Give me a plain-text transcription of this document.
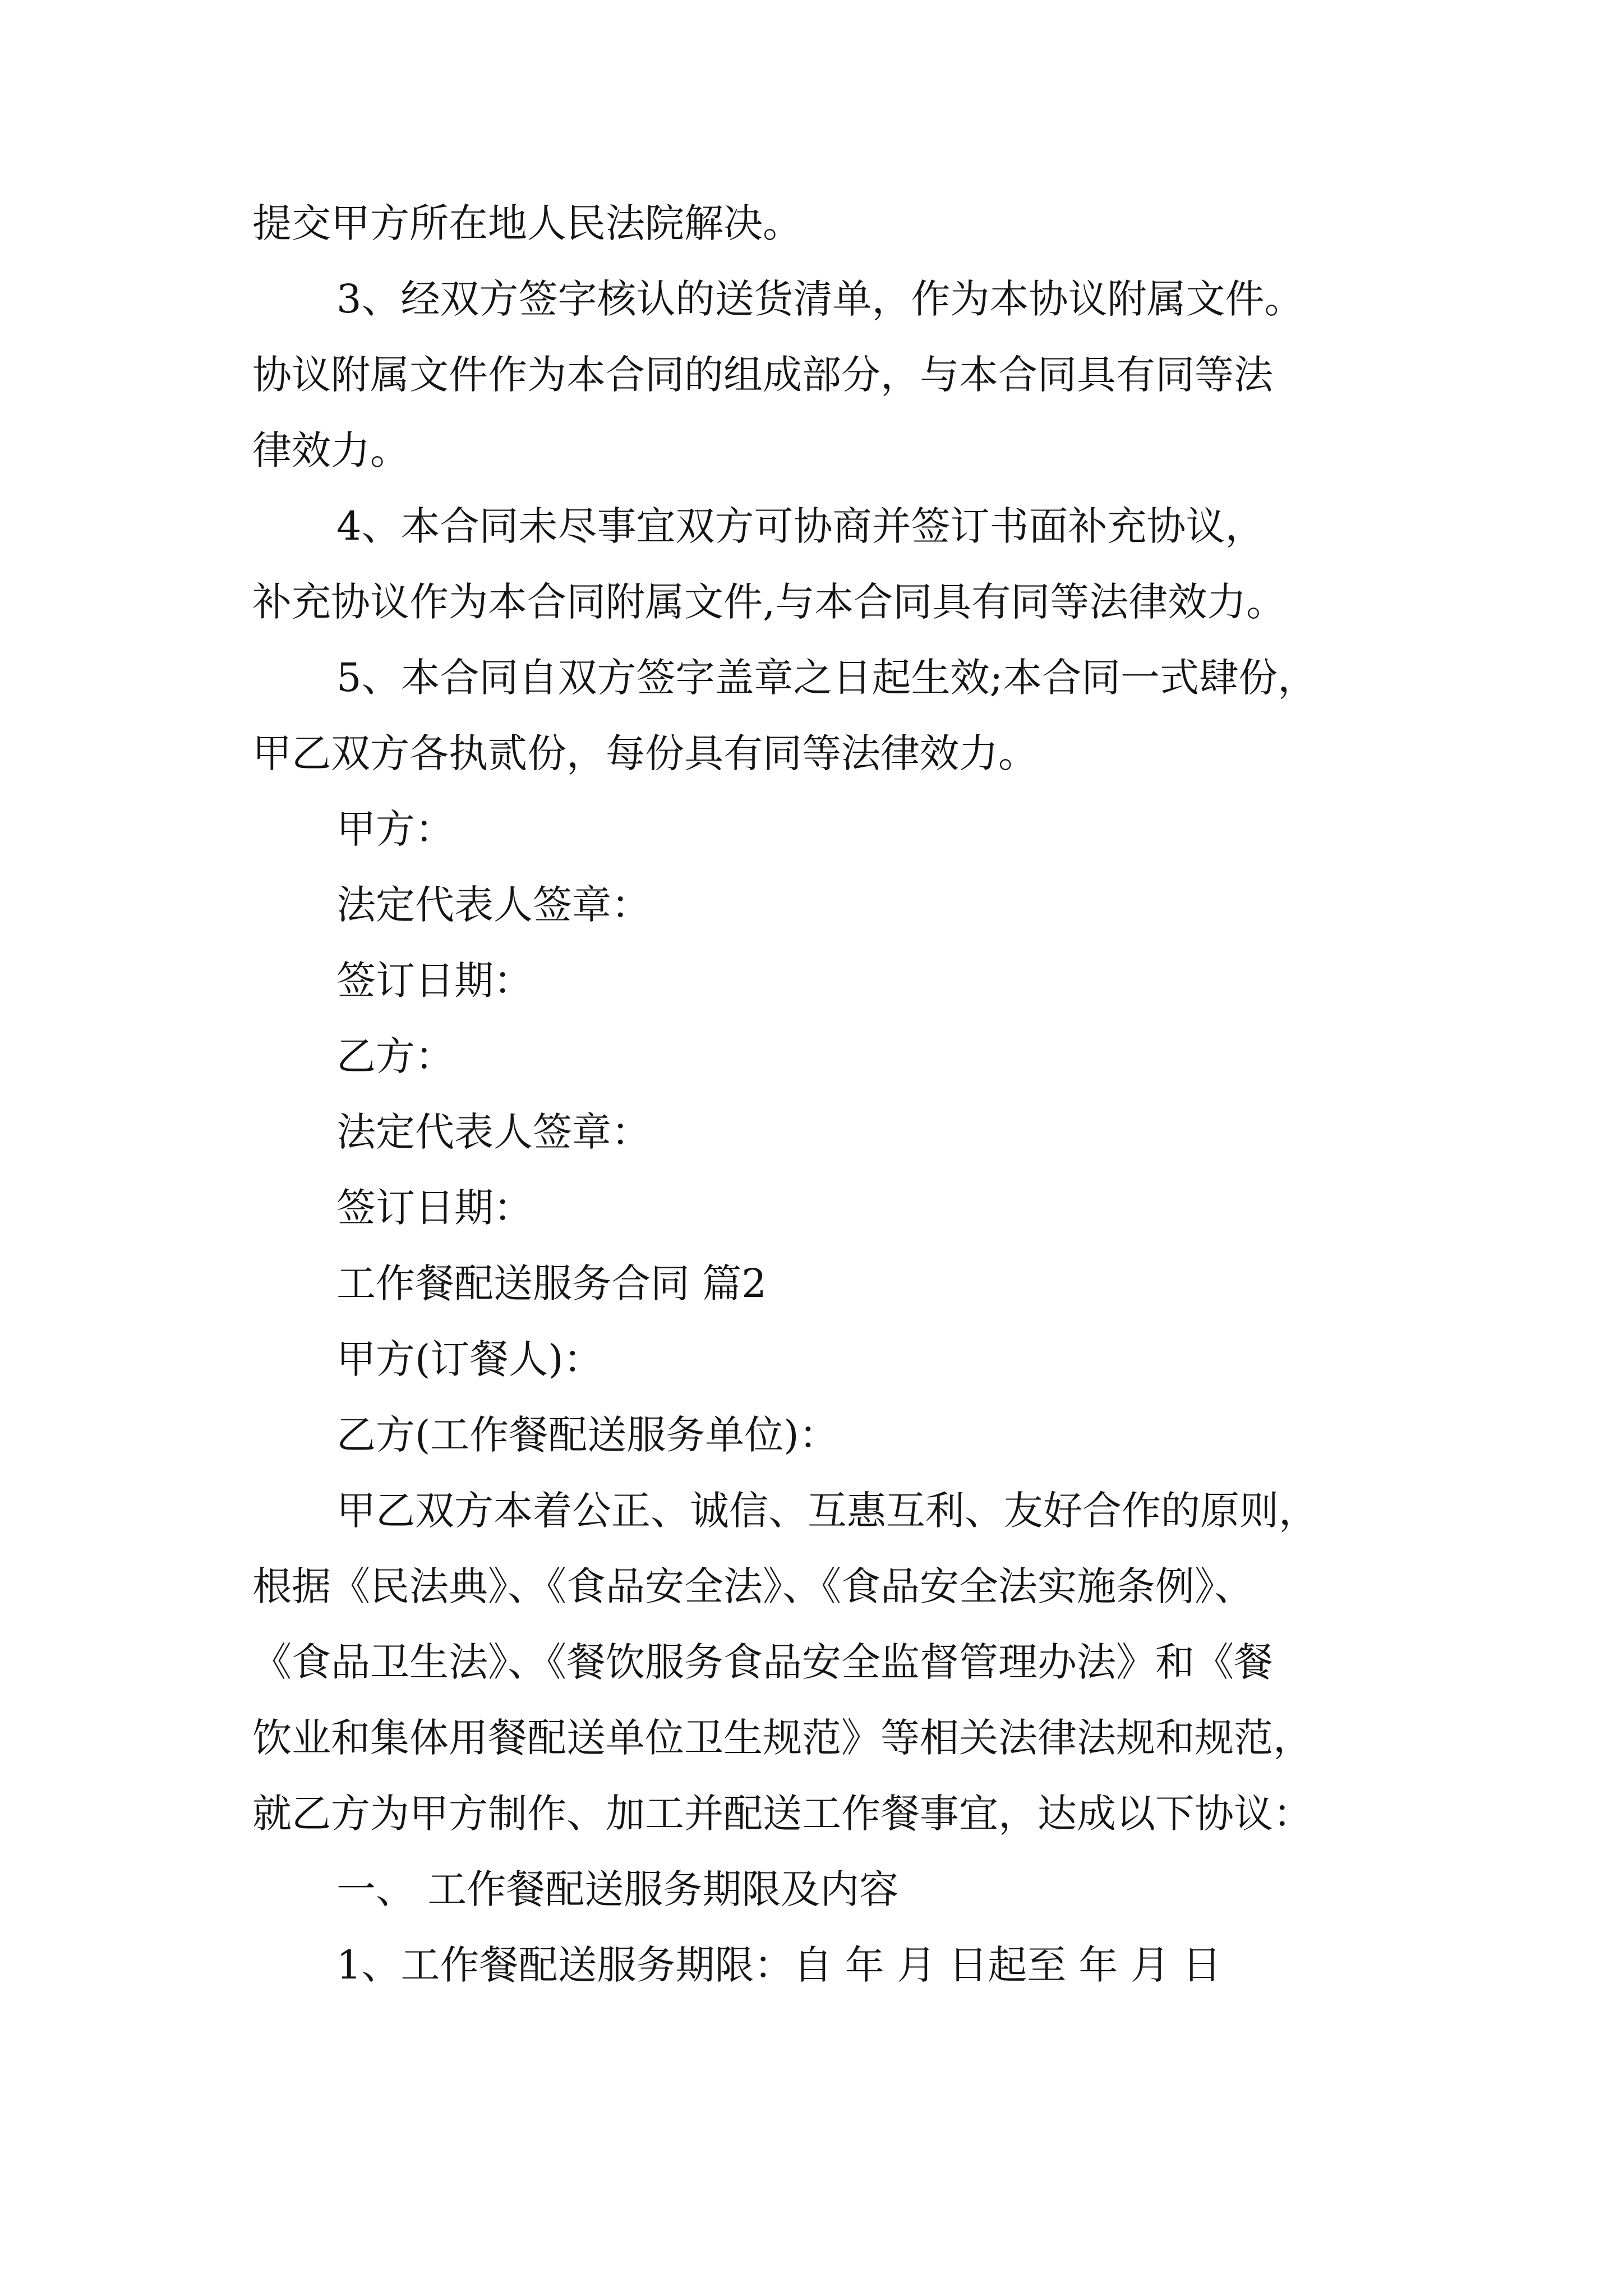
提交甲方所在地人民法院解决。
3、经双方签字核认的送货清单，作为本协议附属文件。
协议附属文件作为本合同的组成部分，与本合同具有同等法
律效力。
4、本合同未尽事宜双方可协商并签订书面补充协议，
补充协议作为本合同附属文件,与本合同具有同等法律效力。
5、本合同自双方签字盖章之日起生效;本合同一式肆份，
甲乙双方各执贰份，每份具有同等法律效力。
甲方：
法定代表人签章：
签订日期：
乙方：
法定代表人签章：
签订日期：
工作餐配送服务合同 篇2
甲方(订餐人)：
乙方(工作餐配送服务单位)：
甲乙双方本着公正、诚信、互惠互利、友好合作的原则，
根据《民法典》、《食品安全法》、《食品安全法实施条例》、
《食品卫生法》、《餐饮服务食品安全监督管理办法》和《餐
饮业和集体用餐配送单位卫生规范》等相关法律法规和规范，
就乙方为甲方制作、加工并配送工作餐事宜，达成以下协议：
一、 工作餐配送服务期限及内容
1、工作餐配送服务期限：自 年 月 日起至 年 月 日
